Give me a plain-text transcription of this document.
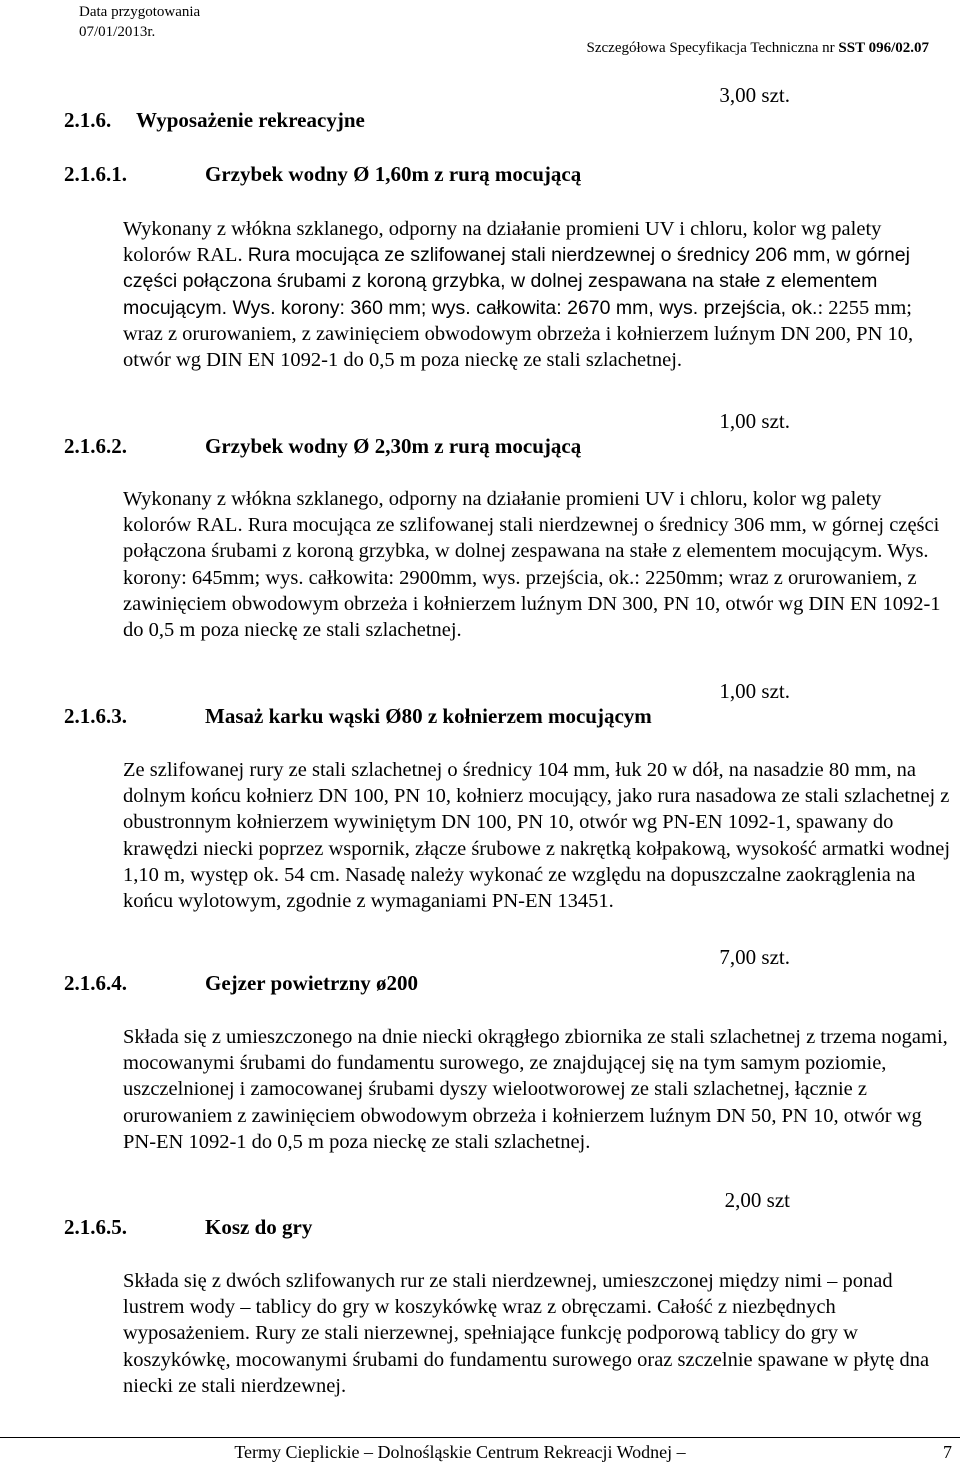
Data przygotowania
07/01/2013r.
Szczegółowa Specyfikacja Techniczna nr SST 096/02.07
3,00 szt.
2.1.6. Wyposażenie rekreacyjne
2.1.6.1.	Grzybek wodny Ø 1,60m z rurą mocującą
Wykonany z włókna szklanego, odporny na działanie promieni UV i chloru, kolor wg palety kolorów RAL. Rura mocująca ze szlifowanej stali nierdzewnej o średnicy 206 mm, w górnej części połączona śrubami z koroną grzybka, w dolnej zespawana na stałe z elementem mocującym. Wys. korony: 360 mm; wys. całkowita: 2670 mm, wys. przejścia, ok.: 2255 mm; wraz z orurowaniem, z zawinięciem obwodowym obrzeża i kołnierzem luźnym DN 200, PN 10, otwór wg DIN EN 1092-1 do 0,5 m poza nieckę ze stali szlachetnej.
1,00 szt.
2.1.6.2.	Grzybek wodny Ø 2,30m z rurą mocującą
Wykonany z włókna szklanego, odporny na działanie promieni UV i chloru, kolor wg palety kolorów RAL. Rura mocująca ze szlifowanej stali nierdzewnej o średnicy 306 mm, w górnej części połączona śrubami z koroną grzybka, w dolnej zespawana na stałe z elementem mocującym. Wys. korony: 645mm; wys. całkowita: 2900mm, wys. przejścia, ok.: 2250mm; wraz z orurowaniem, z zawinięciem obwodowym obrzeża i kołnierzem luźnym DN 300, PN 10, otwór wg DIN EN 1092-1 do 0,5 m poza nieckę ze stali szlachetnej.
1,00 szt.
2.1.6.3.	Masaż karku wąski Ø80 z kołnierzem mocującym
Ze szlifowanej rury ze stali szlachetnej o średnicy 104 mm, łuk 20 w dół, na nasadzie 80 mm, na dolnym końcu kołnierz DN 100, PN 10, kołnierz mocujący, jako rura nasadowa ze stali szlachetnej z obustronnym kołnierzem wywiniętym DN 100, PN 10, otwór wg PN-EN 1092-1, spawany do krawędzi niecki poprzez wspornik, złącze śrubowe z nakrętką kołpakową, wysokość armatki wodnej 1,10 m, występ ok. 54 cm. Nasadę należy wykonać ze względu na dopuszczalne zaokrąglenia na końcu wylotowym, zgodnie z wymaganiami PN-EN 13451.
7,00 szt.
2.1.6.4.	Gejzer powietrzny ø200
Składa się z umieszczonego na dnie niecki okrągłego zbiornika ze stali szlachetnej z trzema nogami, mocowanymi śrubami do fundamentu surowego, ze znajdującej się na tym samym poziomie, uszczelnionej i zamocowanej śrubami dyszy wielootworowej ze stali szlachetnej, łącznie z orurowaniem z zawinięciem obwodowym obrzeża i kołnierzem luźnym DN 50, PN 10, otwór wg PN-EN 1092-1 do 0,5 m poza nieckę ze stali szlachetnej.
2,00 szt
2.1.6.5.	Kosz do gry
Składa się z dwóch szlifowanych rur ze stali nierdzewnej, umieszczonej między nimi – ponad lustrem wody – tablicy do gry w koszykówkę wraz z obręczami. Całość z niezbędnych wyposażeniem. Rury ze stali nierzewnej, spełniające funkcję podporową tablicy do gry w koszykówkę, mocowanymi śrubami do fundamentu surowego oraz szczelnie spawane w płytę dna niecki ze stali nierdzewnej.
Termy Cieplickie – Dolnośląskie Centrum Rekreacji Wodnej –	7
